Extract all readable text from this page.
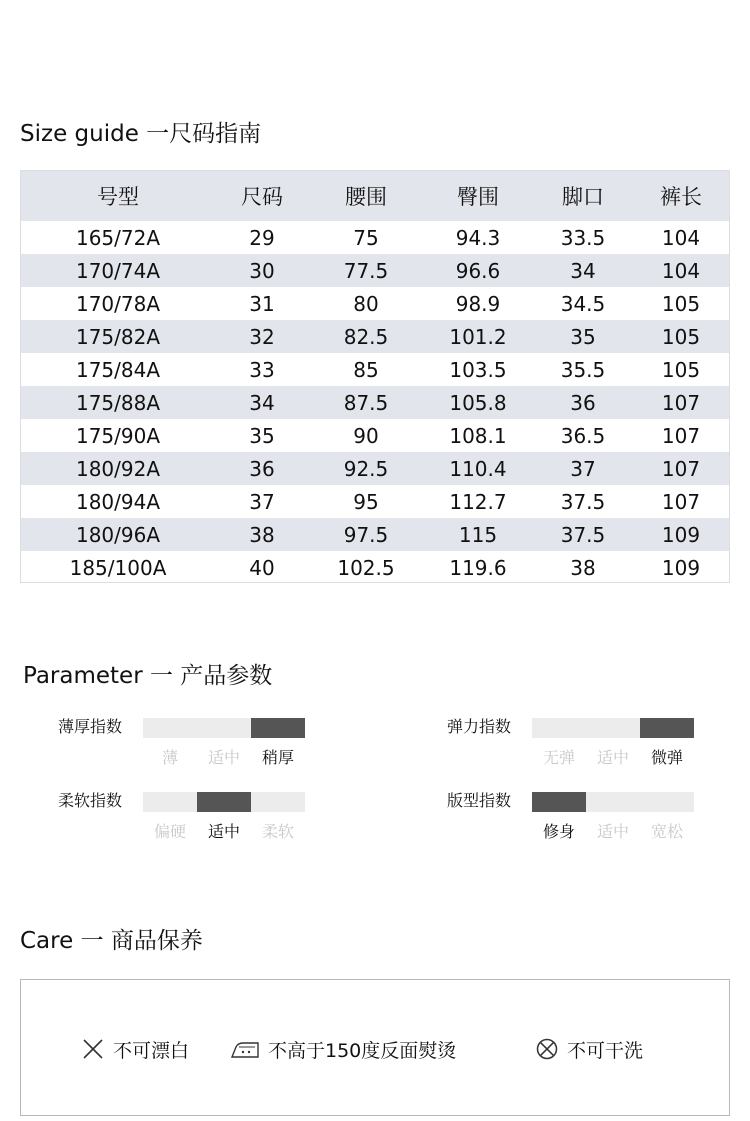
Size guide 一尺码指南
号型	尺码	腰围	臀围	脚口	裤长
165/72A	29	75	94.3	33.5	104
170/74A	30	77.5	96.6	34	104
170/78A	31	80	98.9	34.5	105
175/82A	32	82.5	101.2	35	105
175/84A	33	85	103.5	35.5	105
175/88A	34	87.5	105.8	36	107
175/90A	35	90	108.1	36.5	107
180/92A	36	92.5	110.4	37	107
180/94A	37	95	112.7	37.5	107
180/96A	38	97.5	115	37.5	109
185/100A	40	102.5	119.6	38	109
Parameter 一 产品参数
薄厚指数
薄	适中	稍厚
弹力指数
无弹	适中	微弹
柔软指数
偏硬	适中	柔软
版型指数
修身	适中	宽松
Care 一 商品保养
不可漂白	不高于150度反面熨烫	不可干洗
